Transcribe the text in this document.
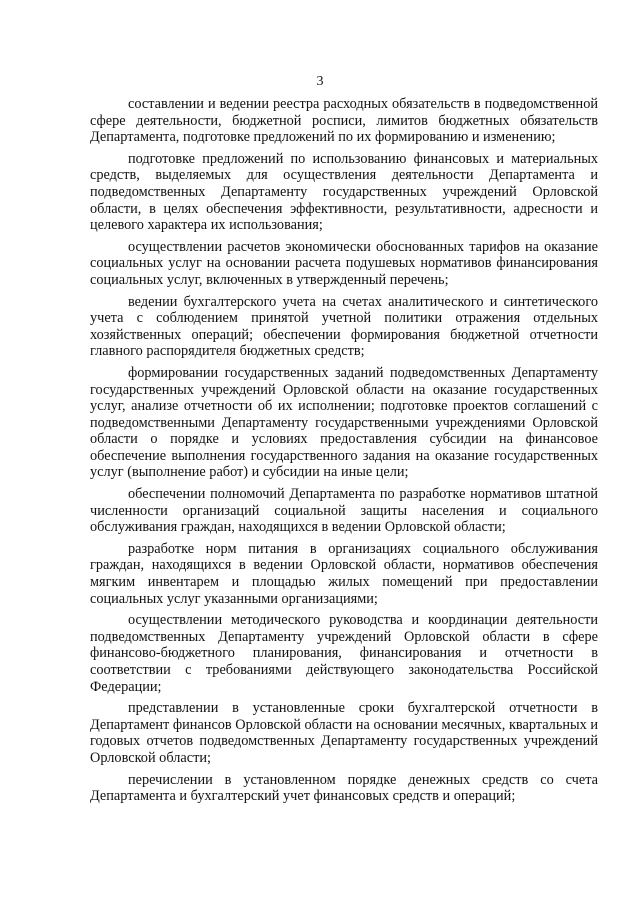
3

составлении и ведении реестра расходных обязательств в подведомственной сфере деятельности, бюджетной росписи, лимитов бюджетных обязательств Департамента, подготовке предложений по их формированию и изменению;

подготовке предложений по использованию финансовых и материальных средств, выделяемых для осуществления деятельности Департамента и подведомственных Департаменту государственных учреждений Орловской области, в целях обеспечения эффективности, результативности, адресности и целевого характера их использования;

осуществлении расчетов экономически обоснованных тарифов на оказание социальных услуг на основании расчета подушевых нормативов финансирования социальных услуг, включенных в утвержденный перечень;

ведении бухгалтерского учета на счетах аналитического и синтетического учета с соблюдением принятой учетной политики отражения отдельных хозяйственных операций; обеспечении формирования бюджетной отчетности главного распорядителя бюджетных средств;

формировании государственных заданий подведомственных Департаменту государственных учреждений Орловской области на оказание государственных услуг, анализе отчетности об их исполнении; подготовке проектов соглашений с подведомственными Департаменту государственными учреждениями Орловской области о порядке и условиях предоставления субсидии на финансовое обеспечение выполнения государственного задания на оказание государственных услуг (выполнение работ) и субсидии на иные цели;

обеспечении полномочий Департамента по разработке нормативов штатной численности организаций социальной защиты населения и социального обслуживания граждан, находящихся в ведении Орловской области;

разработке норм питания в организациях социального обслуживания граждан, находящихся в ведении Орловской области, нормативов обеспечения мягким инвентарем и площадью жилых помещений при предоставлении социальных услуг указанными организациями;

осуществлении методического руководства и координации деятельности подведомственных Департаменту учреждений Орловской области в сфере финансово-бюджетного планирования, финансирования и отчетности в соответствии с требованиями действующего законодательства Российской Федерации;

представлении в установленные сроки бухгалтерской отчетности в Департамент финансов Орловской области на основании месячных, квартальных и годовых отчетов подведомственных Департаменту государственных учреждений Орловской области;

перечислении в установленном порядке денежных средств со счета Департамента и бухгалтерский учет финансовых средств и операций;
